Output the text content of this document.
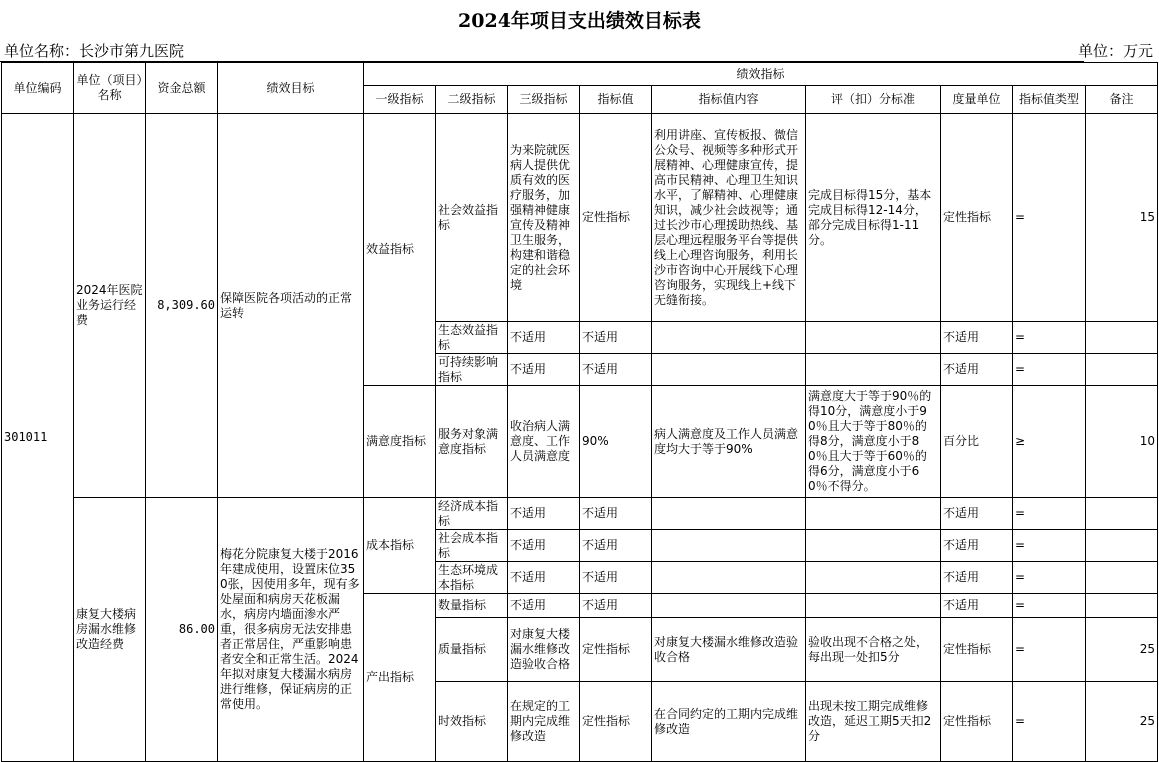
2024年项目支出绩效目标表
单位名称：长沙市第九医院	单位：万元
单位编码	单位（项目）名称	资金总额	绩效目标	绩效指标								
				一级指标	二级指标	三级指标	指标值	指标值内容	评（扣）分标准	度量单位	指标值类型	备注
301011	2024年医院业务运行经费	8,309.60	保障医院各项活动的正常运转	效益指标	社会效益指标	为来院就医病人提供优质有效的医疗服务，加强精神健康宣传及精神卫生服务，构建和谐稳定的社会环境	定性指标	利用讲座、宣传板报、微信公众号、视频等多种形式开展精神、心理健康宣传，提高市民精神、心理卫生知识水平，了解精神、心理健康知识，减少社会歧视等；通过长沙市心理援助热线、基层心理远程服务平台等提供线上心理咨询服务，利用长沙市咨询中心开展线下心理咨询服务，实现线上+线下无缝衔接。	完成目标得15分，基本完成目标得12-14分，部分完成目标得1-11分。	定性指标	=	15
					生态效益指标	不适用	不适用			不适用	=	
					可持续影响指标	不适用	不适用			不适用	=	
				满意度指标	服务对象满意度指标	收治病人满意度、工作人员满意度	90%	病人满意度及工作人员满意度均大于等于90%	满意度大于等于90％的得10分，满意度小于90％且大于等于80％的得8分，满意度小于80％且大于等于60％的得6分，满意度小于60％不得分。	百分比	≥	10
	康复大楼病房漏水维修改造经费	86.00	梅花分院康复大楼于2016年建成使用，设置床位350张，因使用多年，现有多处屋面和病房天花板漏水，病房内墙面渗水严重，很多病房无法安排患者正常居住，严重影响患者安全和正常生活。2024年拟对康复大楼漏水病房进行维修，保证病房的正常使用。	成本指标	经济成本指标	不适用	不适用			不适用	=	
					社会成本指标	不适用	不适用			不适用	=	
					生态环境成本指标	不适用	不适用			不适用	=	
				产出指标	数量指标	不适用	不适用			不适用	=	
					质量指标	对康复大楼漏水维修改造验收合格	定性指标	对康复大楼漏水维修改造验收合格	验收出现不合格之处，每出现一处扣5分	定性指标	=	25
					时效指标	在规定的工期内完成维修改造	定性指标	在合同约定的工期内完成维修改造	出现未按工期完成维修改造，延迟工期5天扣2分	定性指标	=	25
